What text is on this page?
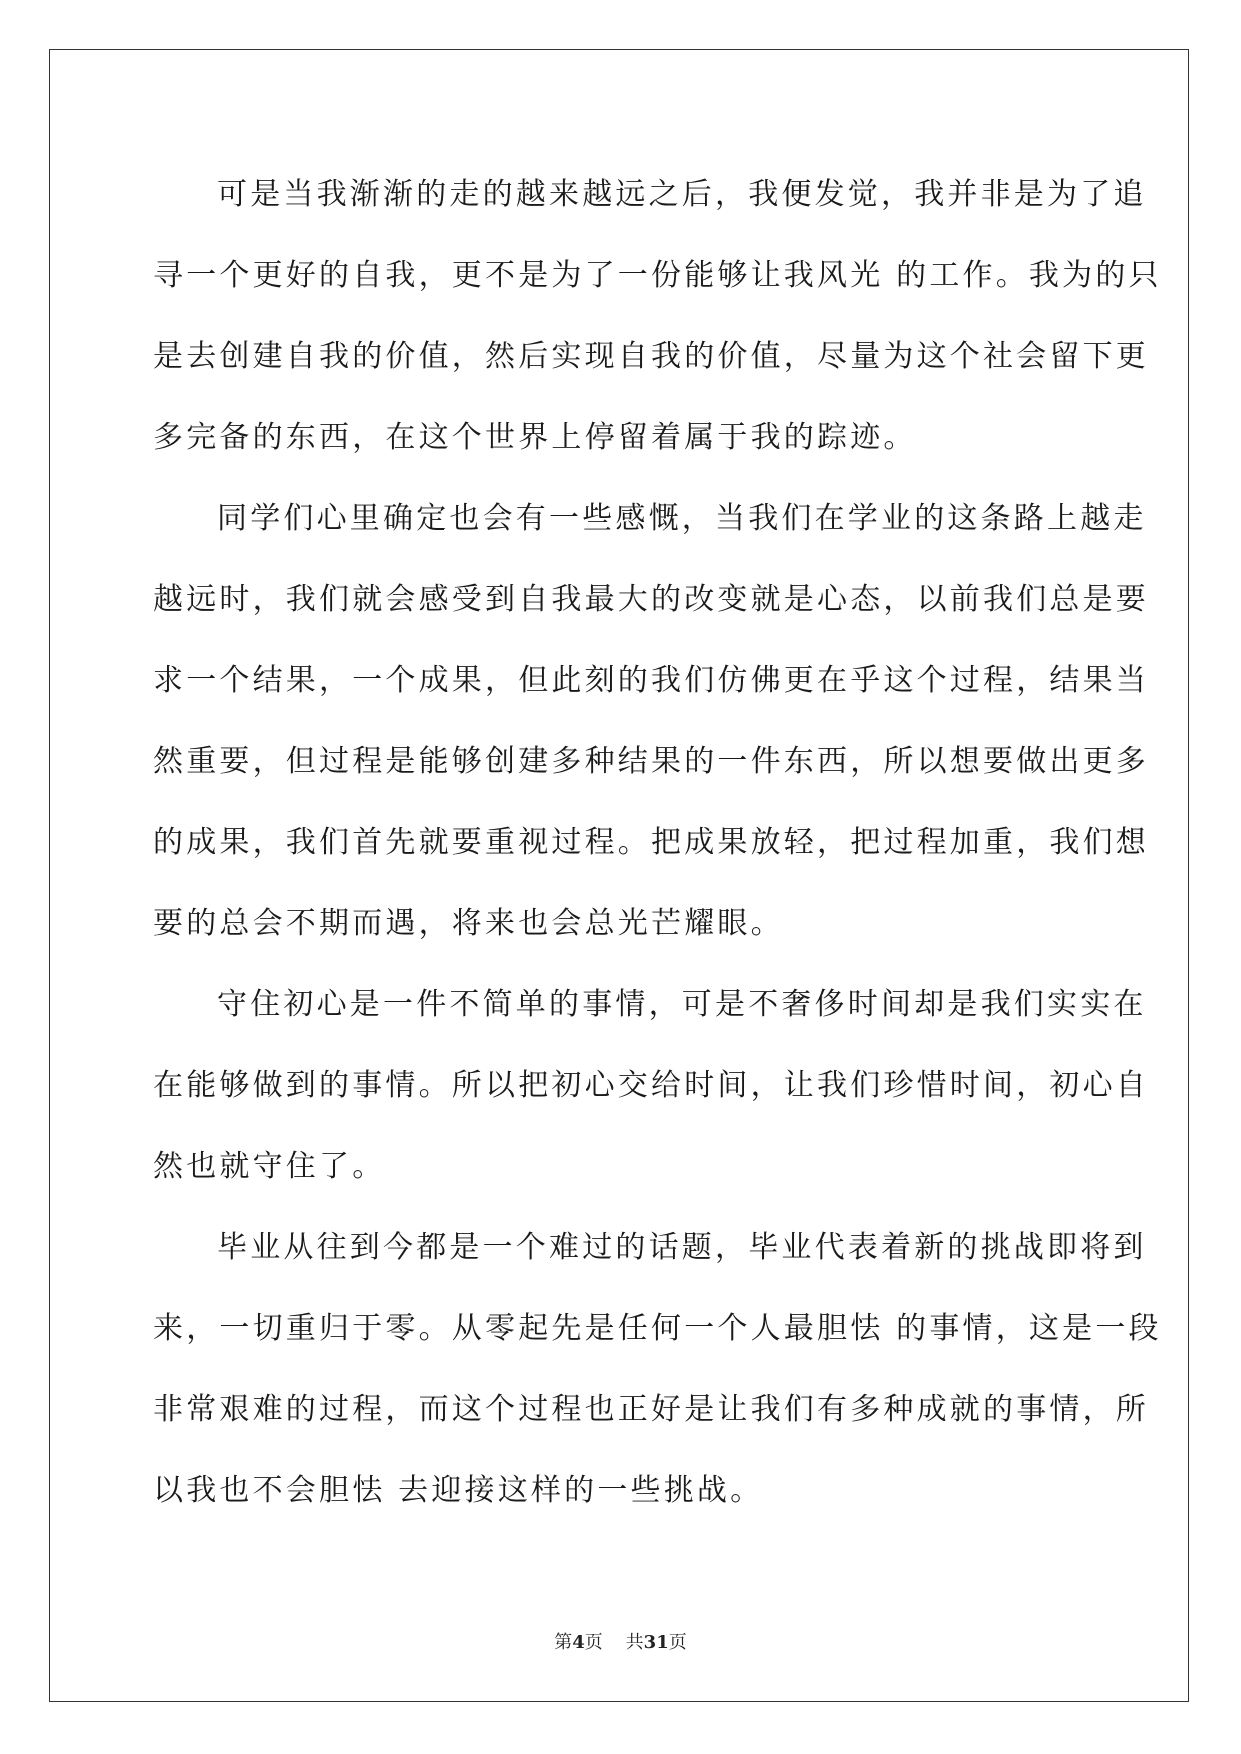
可是当我渐渐的走的越来越远之后，我便发觉，我并非是为了追
寻一个更好的自我，更不是为了一份能够让我风光 的工作。我为的只
是去创建自我的价值，然后实现自我的价值，尽量为这个社会留下更
多完备的东西，在这个世界上停留着属于我的踪迹。
同学们心里确定也会有一些感慨，当我们在学业的这条路上越走
越远时，我们就会感受到自我最大的改变就是心态，以前我们总是要
求一个结果，一个成果，但此刻的我们仿佛更在乎这个过程，结果当
然重要，但过程是能够创建多种结果的一件东西，所以想要做出更多
的成果，我们首先就要重视过程。把成果放轻，把过程加重，我们想
要的总会不期而遇，将来也会总光芒耀眼。
守住初心是一件不简单的事情，可是不奢侈时间却是我们实实在
在能够做到的事情。所以把初心交给时间，让我们珍惜时间，初心自
然也就守住了。
毕业从往到今都是一个难过的话题，毕业代表着新的挑战即将到
来，一切重归于零。从零起先是任何一个人最胆怯 的事情，这是一段
非常艰难的过程，而这个过程也正好是让我们有多种成就的事情，所
以我也不会胆怯 去迎接这样的一些挑战。
第4页 共31页
